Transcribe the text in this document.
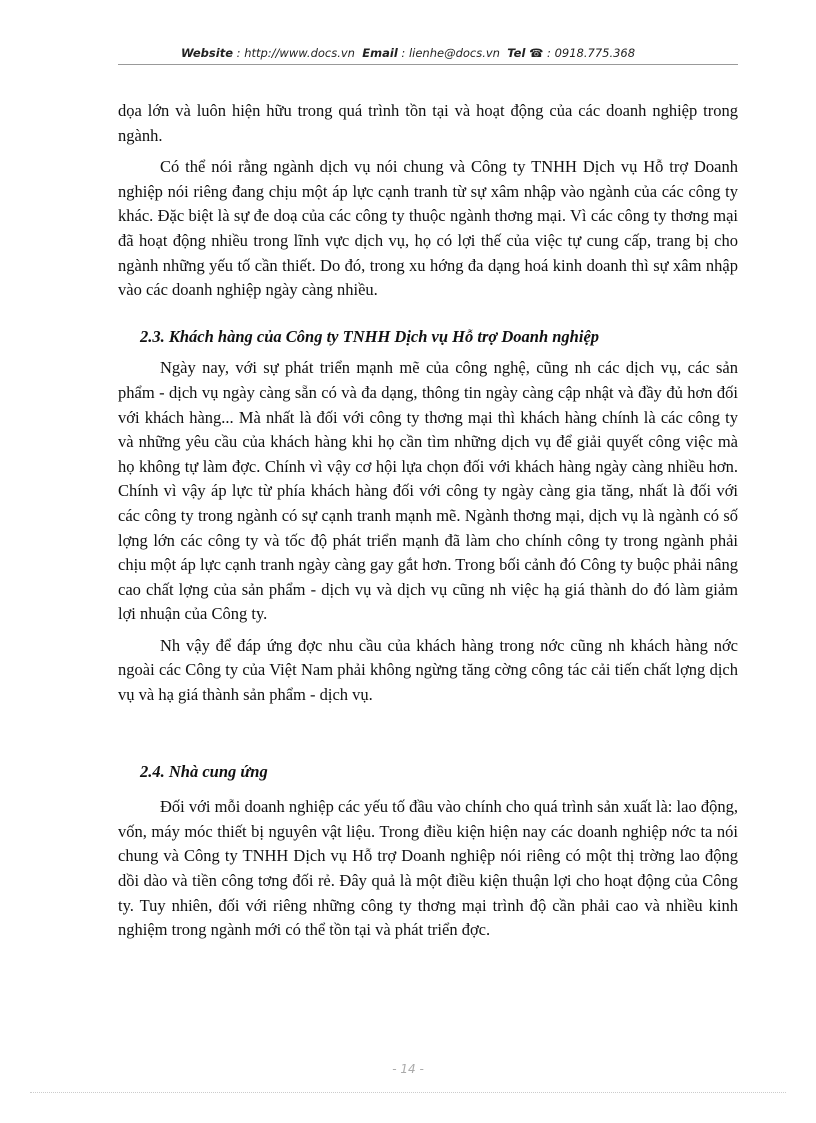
Website : http://www.docs.vn Email : lienhe@docs.vn Tel ☎ : 0918.775.368

dọa lớn và luôn hiện hữu trong quá trình tồn tại và hoạt động của các doanh nghiệp trong ngành.

Có thể nói rằng ngành dịch vụ nói chung và Công ty TNHH Dịch vụ Hỗ trợ Doanh nghiệp nói riêng đang chịu một áp lực cạnh tranh từ sự xâm nhập vào ngành của các công ty khác. Đặc biệt là sự đe doạ của các công ty thuộc ngành thơng mại. Vì các công ty thơng mại đã hoạt động nhiều trong lĩnh vực dịch vụ, họ có lợi thế của việc tự cung cấp, trang bị cho ngành những yếu tố cần thiết. Do đó, trong xu hớng đa dạng hoá kinh doanh thì sự xâm nhập vào các doanh nghiệp ngày càng nhiều.

2.3. Khách hàng của Công ty TNHH Dịch vụ Hỗ trợ Doanh nghiệp

Ngày nay, với sự phát triển mạnh mẽ của công nghệ, cũng nh các dịch vụ, các sản phẩm - dịch vụ ngày càng sẵn có và đa dạng, thông tin ngày càng cập nhật và đầy đủ hơn đối với khách hàng... Mà nhất là đối với công ty thơng mại thì khách hàng chính là các công ty và những yêu cầu của khách hàng khi họ cần tìm những dịch vụ để giải quyết công việc mà họ không tự làm đợc. Chính vì vậy cơ hội lựa chọn đối với khách hàng ngày càng nhiều hơn. Chính vì vậy áp lực từ phía khách hàng đối với công ty ngày càng gia tăng, nhất là đối với các công ty trong ngành có sự cạnh tranh mạnh mẽ. Ngành thơng mại, dịch vụ là ngành có số lợng lớn các công ty và tốc độ phát triển mạnh đã làm cho chính công ty trong ngành phải chịu một áp lực cạnh tranh ngày càng gay gắt hơn. Trong bối cảnh đó Công ty buộc phải nâng cao chất lợng của sản phẩm - dịch vụ và dịch vụ cũng nh việc hạ giá thành do đó làm giảm lợi nhuận của Công ty.

Nh vậy để đáp ứng đợc nhu cầu của khách hàng trong nớc cũng nh khách hàng nớc ngoài các Công ty của Việt Nam phải không ngừng tăng cờng công tác cải tiến chất lợng dịch vụ và hạ giá thành sản phẩm - dịch vụ.

2.4. Nhà cung ứng

Đối với mỗi doanh nghiệp các yếu tố đầu vào chính cho quá trình sản xuất là: lao động, vốn, máy móc thiết bị nguyên vật liệu. Trong điều kiện hiện nay các doanh nghiệp nớc ta nói chung và Công ty TNHH Dịch vụ Hỗ trợ Doanh nghiệp nói riêng có một thị trờng lao động dồi dào và tiền công tơng đối rẻ. Đây quả là một điều kiện thuận lợi cho hoạt động của Công ty. Tuy nhiên, đối với riêng những công ty thơng mại trình độ cần phải cao và nhiều kinh nghiệm trong ngành mới có thể tồn tại và phát triển đợc.

- 14 -
